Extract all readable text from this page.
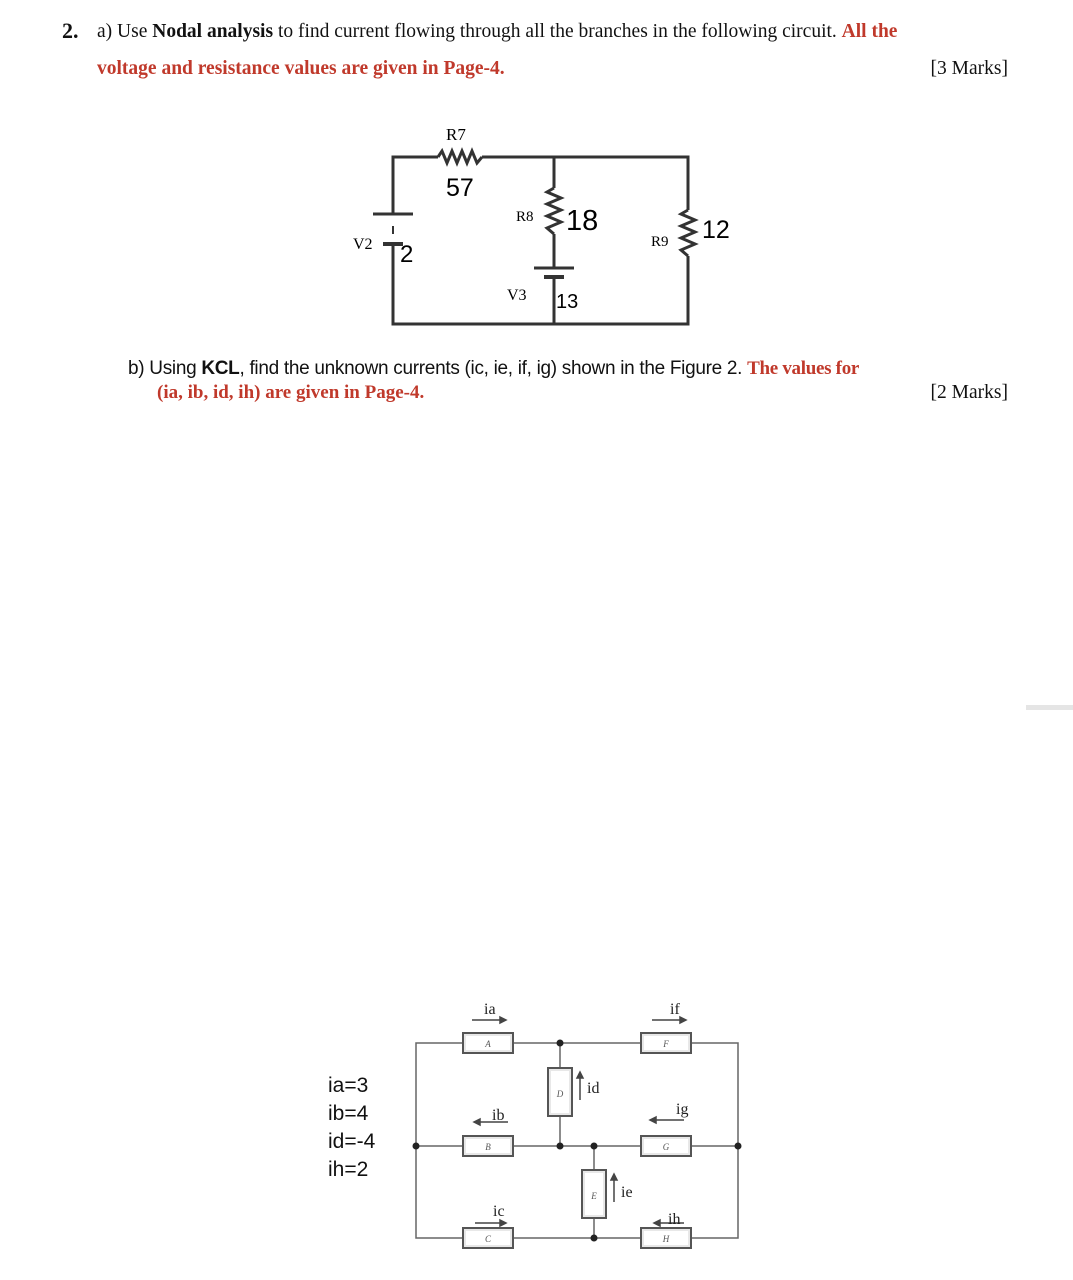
2. a) Use Nodal analysis to find current flowing through all the branches in the following circuit. All the
voltage and resistance values are given in Page-4.	[3 Marks]
R7
57
R8 18
R9 12
V2 2
V3 13
b) Using KCL, find the unknown currents (ic, ie, if, ig) shown in the Figure 2. The values for
(ia, ib, id, ih) are given in Page-4.	[2 Marks]
ia=3
ib=4
id=-4
ih=2
A
B
C
D
E
F
G
H
ia
ib
ic
id
ie
if
ig
ih
